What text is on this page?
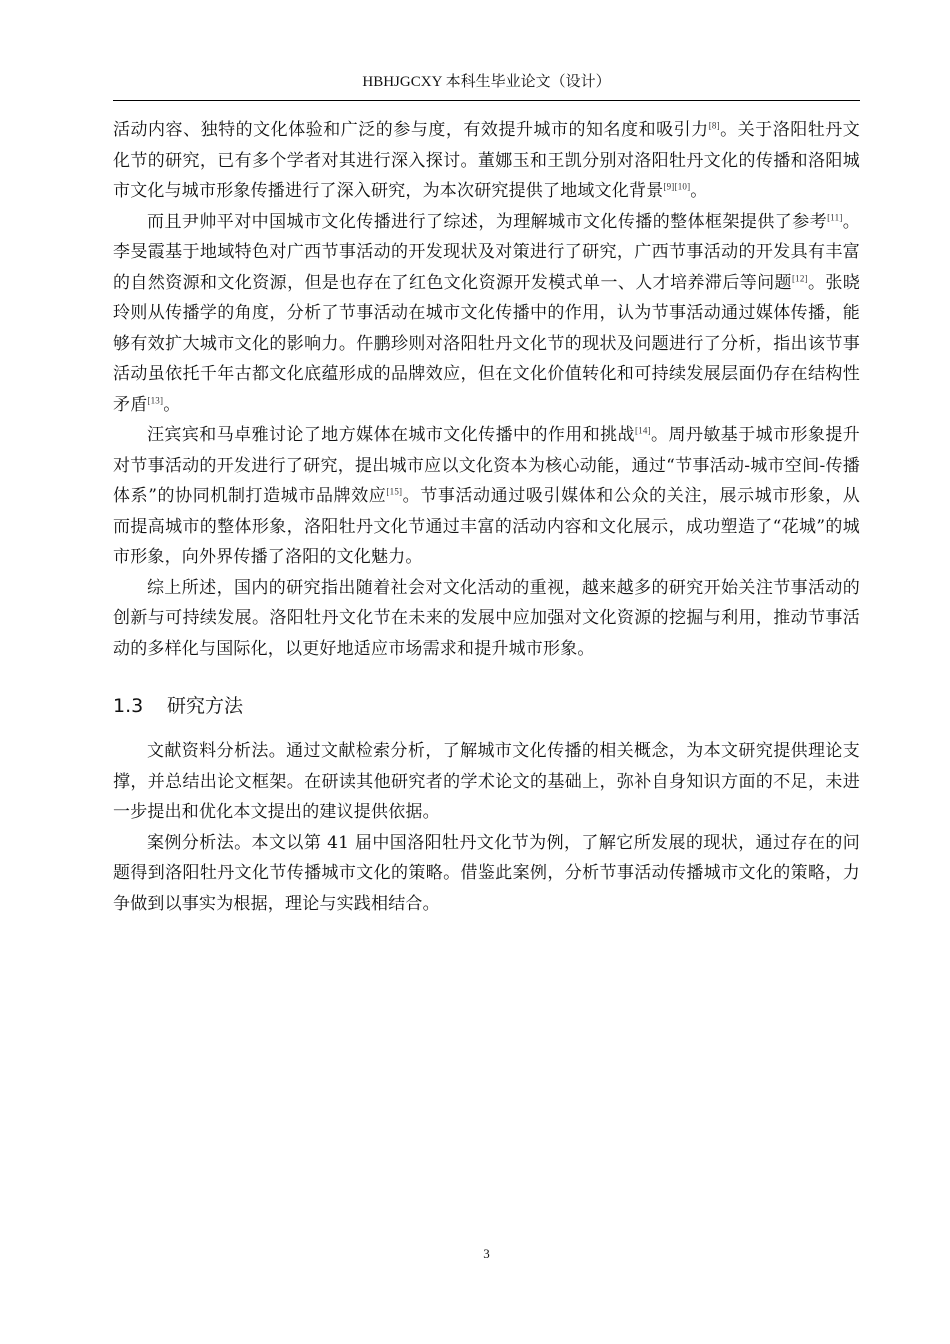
HBHJGCXY 本科生毕业论文（设计）

活动内容、独特的文化体验和广泛的参与度，有效提升城市的知名度和吸引力[8]。关于洛阳牡丹文化节的研究，已有多个学者对其进行深入探讨。董娜玉和王凯分别对洛阳牡丹文化的传播和洛阳城市文化与城市形象传播进行了深入研究，为本次研究提供了地域文化背景[9][10]。

而且尹帅平对中国城市文化传播进行了综述，为理解城市文化传播的整体框架提供了参考[11]。李旻霞基于地域特色对广西节事活动的开发现状及对策进行了研究，广西节事活动的开发具有丰富的自然资源和文化资源，但是也存在了红色文化资源开发模式单一、人才培养滞后等问题[12]。张晓玲则从传播学的角度，分析了节事活动在城市文化传播中的作用，认为节事活动通过媒体传播，能够有效扩大城市文化的影响力。仵鹏珍则对洛阳牡丹文化节的现状及问题进行了分析，指出该节事活动虽依托千年古都文化底蕴形成的品牌效应，但在文化价值转化和可持续发展层面仍存在结构性矛盾[13]。

汪宾宾和马卓雅讨论了地方媒体在城市文化传播中的作用和挑战[14]。周丹敏基于城市形象提升对节事活动的开发进行了研究，提出城市应以文化资本为核心动能，通过“节事活动-城市空间-传播体系”的协同机制打造城市品牌效应[15]。节事活动通过吸引媒体和公众的关注，展示城市形象，从而提高城市的整体形象，洛阳牡丹文化节通过丰富的活动内容和文化展示，成功塑造了“花城”的城市形象，向外界传播了洛阳的文化魅力。

综上所述，国内的研究指出随着社会对文化活动的重视，越来越多的研究开始关注节事活动的创新与可持续发展。洛阳牡丹文化节在未来的发展中应加强对文化资源的挖掘与利用，推动节事活动的多样化与国际化，以更好地适应市场需求和提升城市形象。

1.3 研究方法

文献资料分析法。通过文献检索分析，了解城市文化传播的相关概念，为本文研究提供理论支撑，并总结出论文框架。在研读其他研究者的学术论文的基础上，弥补自身知识方面的不足，未进一步提出和优化本文提出的建议提供依据。

案例分析法。本文以第 41 届中国洛阳牡丹文化节为例，了解它所发展的现状，通过存在的问题得到洛阳牡丹文化节传播城市文化的策略。借鉴此案例，分析节事活动传播城市文化的策略，力争做到以事实为根据，理论与实践相结合。

3
